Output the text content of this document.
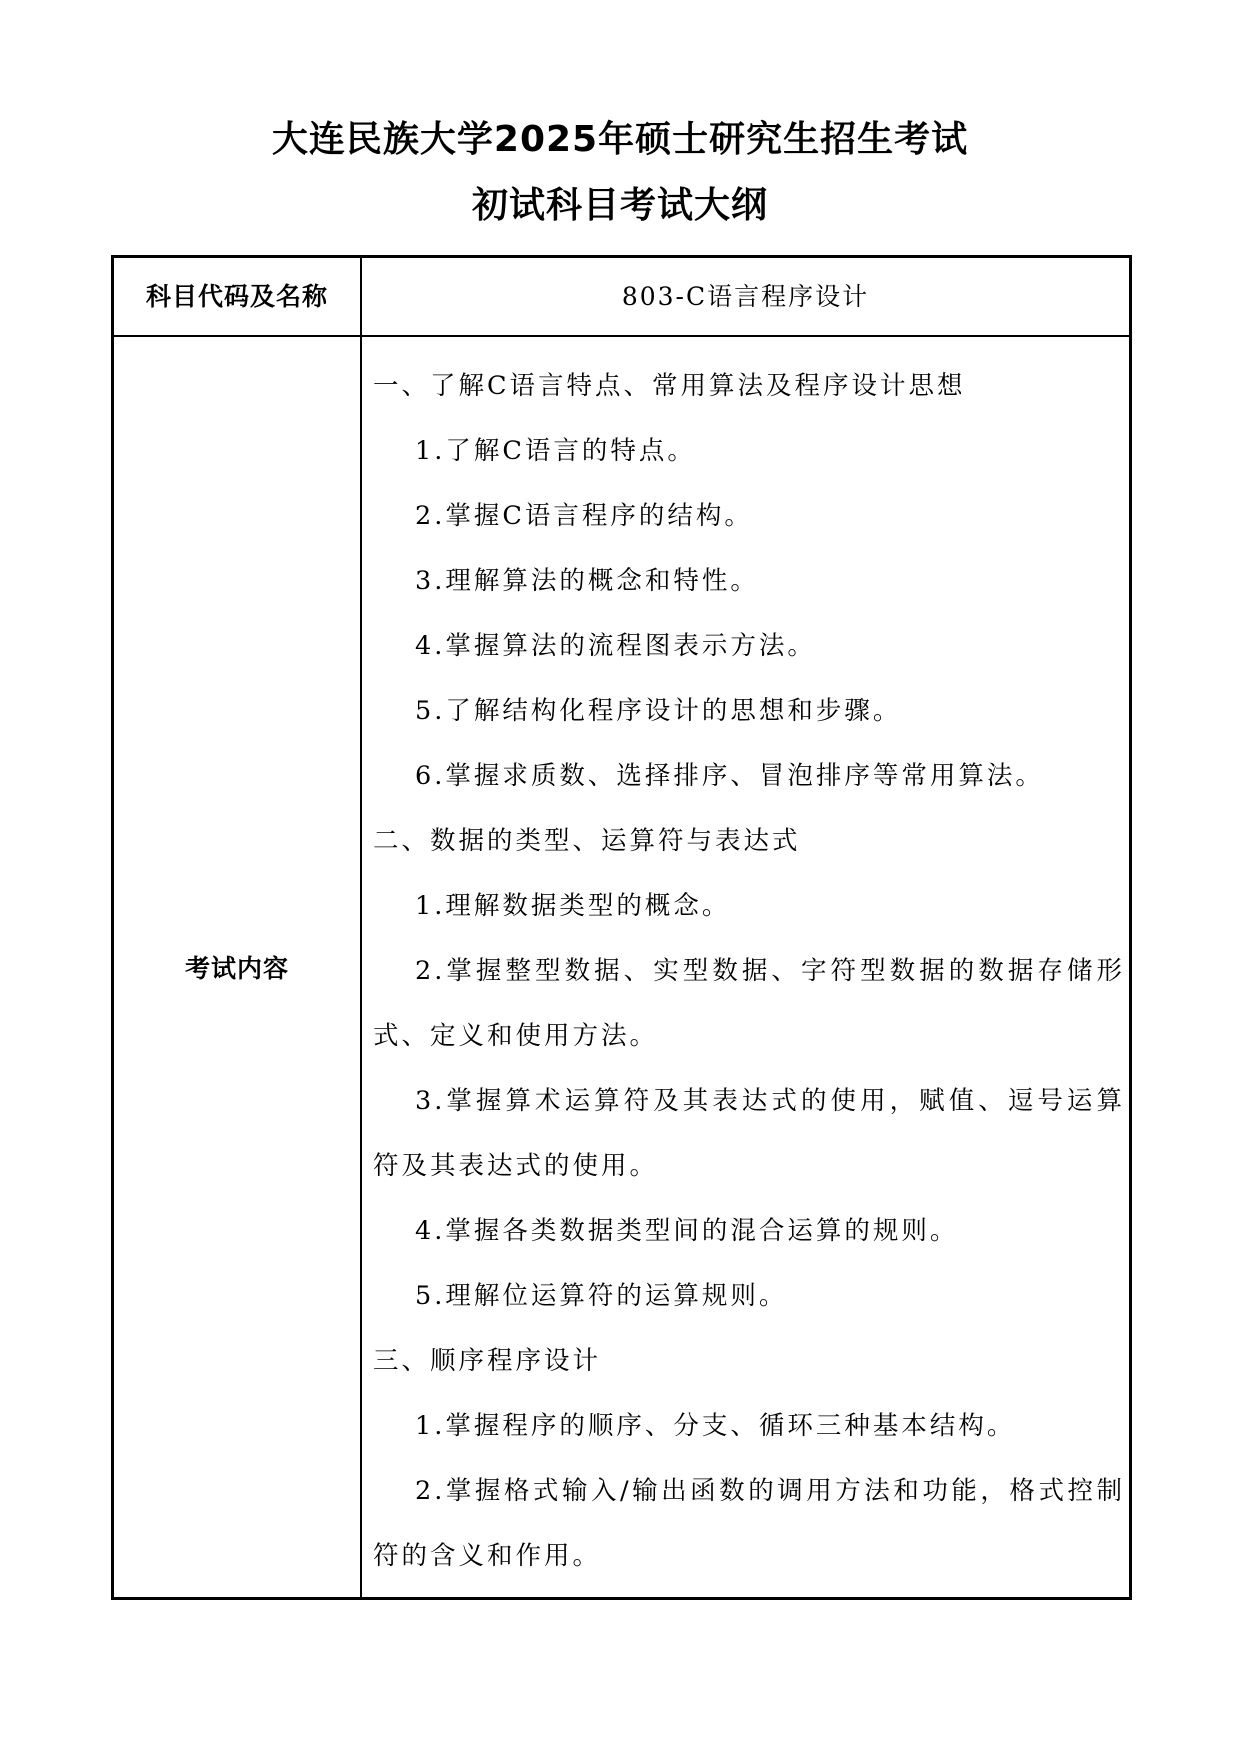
大连民族大学2025年硕士研究生招生考试
初试科目考试大纲
科目代码及名称	803-C语言程序设计
考试内容
一、了解C语言特点、常用算法及程序设计思想
1.了解C语言的特点。
2.掌握C语言程序的结构。
3.理解算法的概念和特性。
4.掌握算法的流程图表示方法。
5.了解结构化程序设计的思想和步骤。
6.掌握求质数、选择排序、冒泡排序等常用算法。
二、数据的类型、运算符与表达式
1.理解数据类型的概念。
2.掌握整型数据、实型数据、字符型数据的数据存储形
式、定义和使用方法。
3.掌握算术运算符及其表达式的使用，赋值、逗号运算
符及其表达式的使用。
4.掌握各类数据类型间的混合运算的规则。
5.理解位运算符的运算规则。
三、顺序程序设计
1.掌握程序的顺序、分支、循环三种基本结构。
2.掌握格式输入/输出函数的调用方法和功能，格式控制
符的含义和作用。
